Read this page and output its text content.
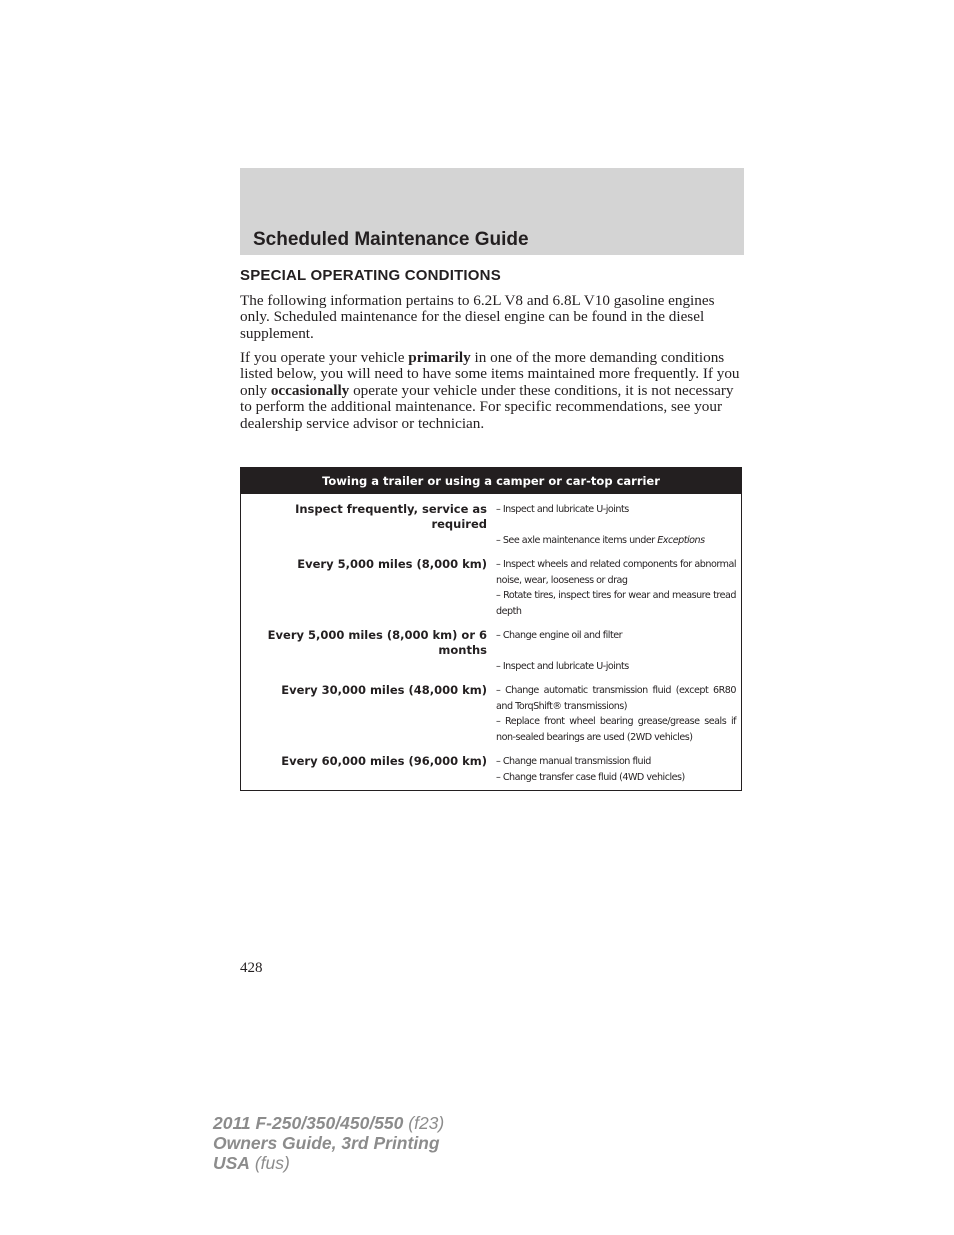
Scheduled Maintenance Guide
SPECIAL OPERATING CONDITIONS

The following information pertains to 6.2L V8 and 6.8L V10 gasoline engines only. Scheduled maintenance for the diesel engine can be found in the diesel supplement.

If you operate your vehicle primarily in one of the more demanding conditions listed below, you will need to have some items maintained more frequently. If you only occasionally operate your vehicle under these conditions, it is not necessary to perform the additional maintenance. For specific recommendations, see your dealership service advisor or technician.

Towing a trailer or using a camper or car-top carrier
Inspect frequently, service as required
– Inspect and lubricate U-joints
– See axle maintenance items under Exceptions
Every 5,000 miles (8,000 km) – Inspect wheels and related components for abnormal noise, wear, looseness or drag
– Rotate tires, inspect tires for wear and measure tread depth
Every 5,000 miles (8,000 km) or 6 months
– Change engine oil and filter
– Inspect and lubricate U-joints
Every 30,000 miles (48,000 km) – Change automatic transmission fluid (except 6R80 and TorqShift® transmissions)
– Replace front wheel bearing grease/grease seals if non-sealed bearings are used (2WD vehicles)
Every 60,000 miles (96,000 km) – Change manual transmission fluid
– Change transfer case fluid (4WD vehicles)

428

2011 F-250/350/450/550 (f23)
Owners Guide, 3rd Printing
USA (fus)
